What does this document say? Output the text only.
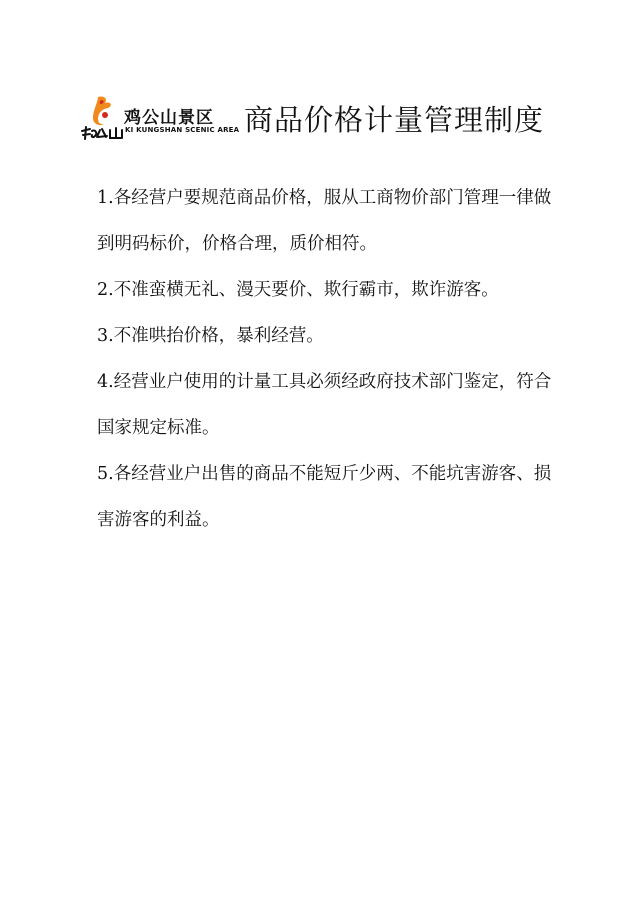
鸡公山景区
KI KUNGSHAN SCENIC AREA 商品价格计量管理制度

1.各经营户要规范商品价格，服从工商物价部门管理一律做到明码标价，价格合理，质价相符。

2.不准蛮横无礼、漫天要价、欺行霸市，欺诈游客。

3.不准哄抬价格，暴利经营。

4.经营业户使用的计量工具必须经政府技术部门鉴定，符合国家规定标准。

5.各经营业户出售的商品不能短斤少两、不能坑害游客、损害游客的利益。
